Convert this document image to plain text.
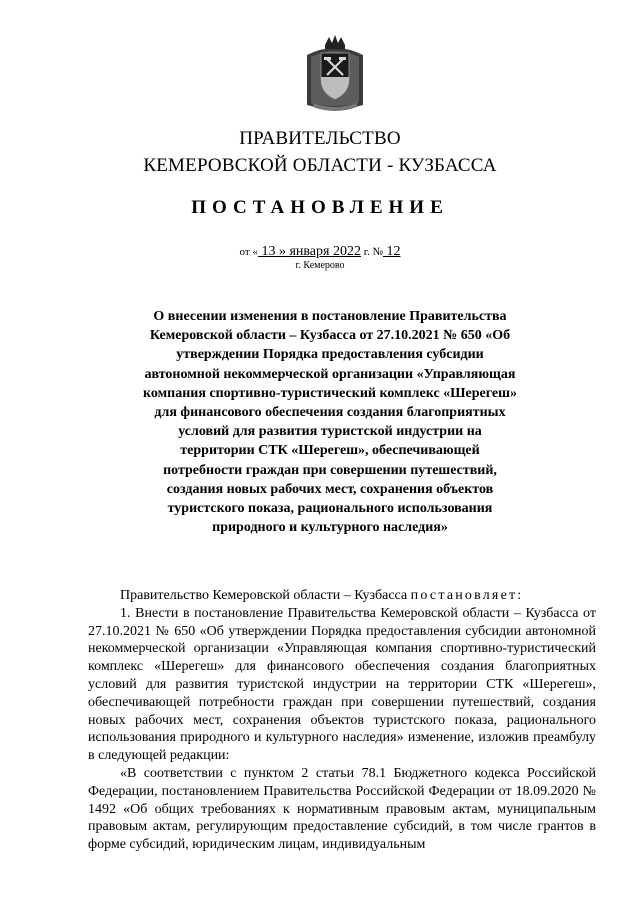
ПРАВИТЕЛЬСТВО
КЕМЕРОВСКОЙ ОБЛАСТИ - КУЗБАССА
ПОСТАНОВЛЕНИЕ
от « 13 » января 2022 г. № 12
г. Кемерово
О внесении изменения в постановление Правительства Кемеровской области – Кузбасса от 27.10.2021 № 650 «Об утверждении Порядка предоставления субсидии автономной некоммерческой организации «Управляющая компания спортивно-туристический комплекс «Шерегеш» для финансового обеспечения создания благоприятных условий для развития туристской индустрии на территории СТК «Шерегеш», обеспечивающей потребности граждан при совершении путешествий, создания новых рабочих мест, сохранения объектов туристского показа, рационального использования природного и культурного наследия»

Правительство Кемеровской области – Кузбасса постановляет:

1. Внести в постановление Правительства Кемеровской области – Кузбасса от 27.10.2021 № 650 «Об утверждении Порядка предоставления субсидии автономной некоммерческой организации «Управляющая компания спортивно-туристический комплекс «Шерегеш» для финансового обеспечения создания благоприятных условий для развития туристской индустрии на территории СТК «Шерегеш», обеспечивающей потребности граждан при совершении путешествий, создания новых рабочих мест, сохранения объектов туристского показа, рационального использования природного и культурного наследия» изменение, изложив преамбулу в следующей редакции:

«В соответствии с пунктом 2 статьи 78.1 Бюджетного кодекса Российской Федерации, постановлением Правительства Российской Федерации от 18.09.2020 № 1492 «Об общих требованиях к нормативным правовым актам, муниципальным правовым актам, регулирующим предоставление субсидий, в том числе грантов в форме субсидий, юридическим лицам, индивидуальным
